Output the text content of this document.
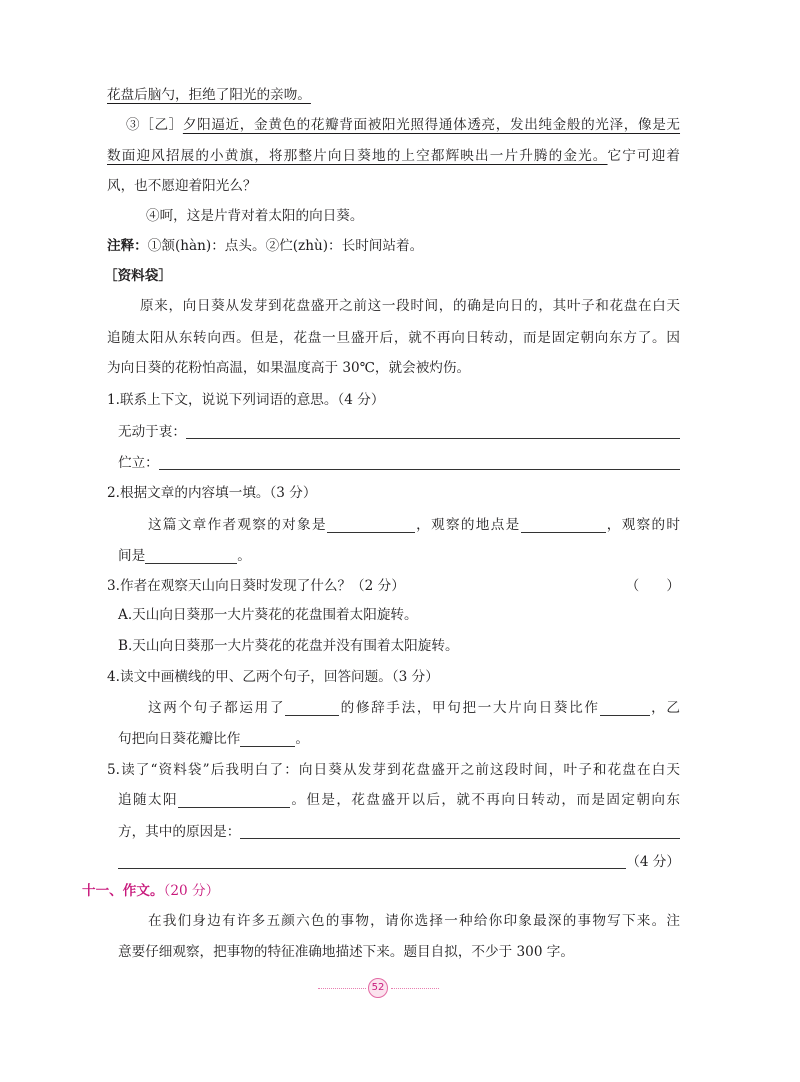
花盘后脑勺，拒绝了阳光的亲吻。
③［乙］夕阳逼近，金黄色的花瓣背面被阳光照得通体透亮，发出纯金般的光泽，像是无
数面迎风招展的小黄旗，将那整片向日葵地的上空都辉映出一片升腾的金光。它宁可迎着
风，也不愿迎着阳光么？
④呵，这是片背对着太阳的向日葵。
注释：①颔(hàn)：点头。②伫(zhù)：长时间站着。
［资料袋］
原来，向日葵从发芽到花盘盛开之前这一段时间，的确是向日的，其叶子和花盘在白天
追随太阳从东转向西。但是，花盘一旦盛开后，就不再向日转动，而是固定朝向东方了。因
为向日葵的花粉怕高温，如果温度高于 30℃，就会被灼伤。
1.联系上下文，说说下列词语的意思。（4 分）
无动于衷：
伫立：
2.根据文章的内容填一填。（3 分）
这篇文章作者观察的对象是	，观察的地点是	，观察的时
间是	。
3.作者在观察天山向日葵时发现了什么？（2 分）	（　　）
A.天山向日葵那一大片葵花的花盘围着太阳旋转。
B.天山向日葵那一大片葵花的花盘并没有围着太阳旋转。
4.读文中画横线的甲、乙两个句子，回答问题。（3 分）
这两个句子都运用了	的修辞手法，甲句把一大片向日葵比作	，乙
句把向日葵花瓣比作	。
5.读了“资料袋”后我明白了：向日葵从发芽到花盘盛开之前这段时间，叶子和花盘在白天
追随太阳	。但是，花盘盛开以后，就不再向日转动，而是固定朝向东
方，其中的原因是：
（4 分）
十一、作文。（20 分）
在我们身边有许多五颜六色的事物，请你选择一种给你印象最深的事物写下来。注
意要仔细观察，把事物的特征准确地描述下来。题目自拟，不少于 300 字。
52
